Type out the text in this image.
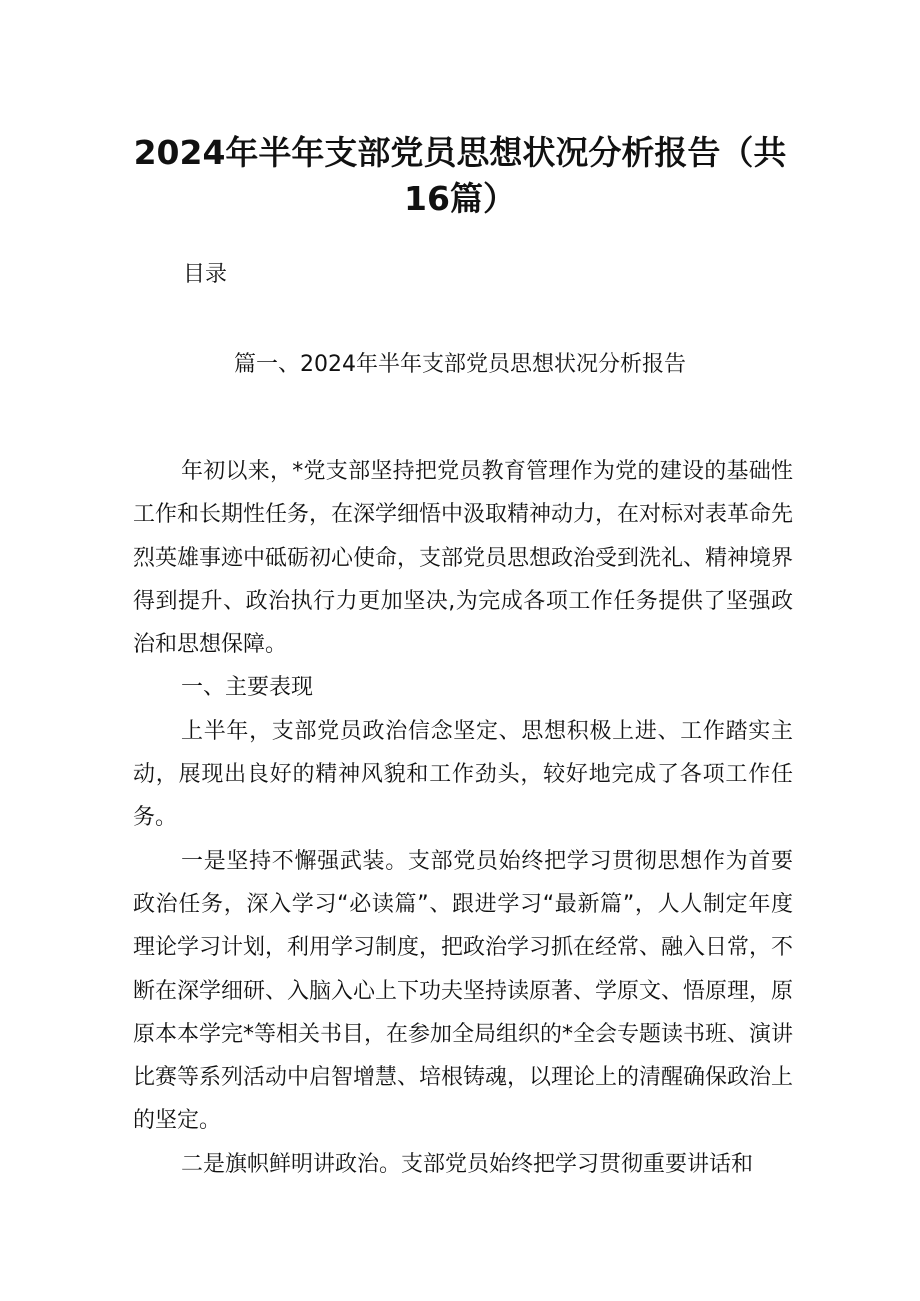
2024年半年支部党员思想状况分析报告（共16篇）
目录
篇一、2024年半年支部党员思想状况分析报告

年初以来，*党支部坚持把党员教育管理作为党的建设的基础性工作和长期性任务，在深学细悟中汲取精神动力，在对标对表革命先烈英雄事迹中砥砺初心使命，支部党员思想政治受到洗礼、精神境界得到提升、政治执行力更加坚决,为完成各项工作任务提供了坚强政治和思想保障。

一、主要表现

上半年，支部党员政治信念坚定、思想积极上进、工作踏实主动，展现出良好的精神风貌和工作劲头，较好地完成了各项工作任务。

一是坚持不懈强武装。支部党员始终把学习贯彻思想作为首要政治任务，深入学习“必读篇”、跟进学习“最新篇”，人人制定年度理论学习计划，利用学习制度，把政治学习抓在经常、融入日常，不断在深学细研、入脑入心上下功夫坚持读原著、学原文、悟原理，原原本本学完*等相关书目，在参加全局组织的*全会专题读书班、演讲比赛等系列活动中启智增慧、培根铸魂，以理论上的清醒确保政治上的坚定。

二是旗帜鲜明讲政治。支部党员始终把学习贯彻重要讲话和
